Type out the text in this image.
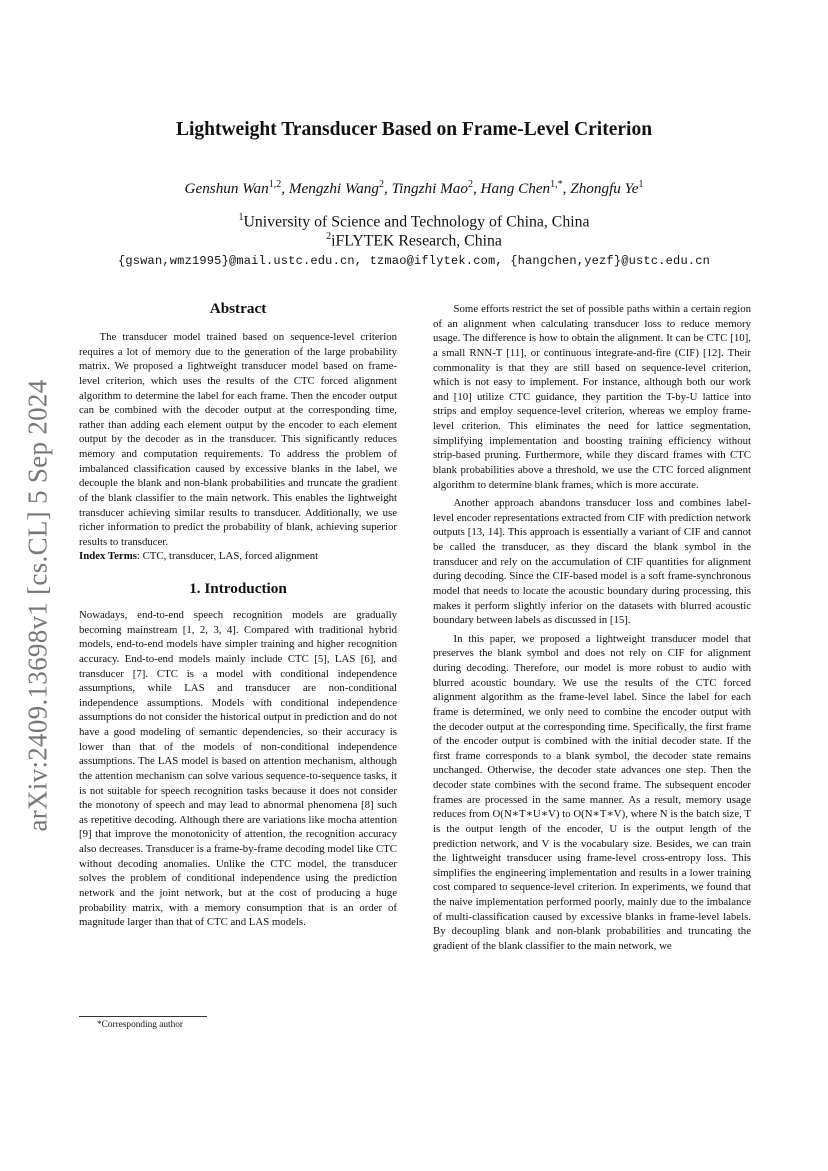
arXiv:2409.13698v1 [cs.CL] 5 Sep 2024
Lightweight Transducer Based on Frame-Level Criterion
Genshun Wan$^{1,2}$, Mengzhi Wang$^2$, Tingzhi Mao$^2$, Hang Chen$^{1,*}$, Zhongfu Ye$^1$
$^1$University of Science and Technology of China, China
$^2$iFLYTEK Research, China
{gswan,wmz1995}@mail.ustc.edu.cn, tzmao@iflytek.com, {hangchen,yezf}@ustc.edu.cn
Abstract

The transducer model trained based on sequence-level criterion requires a lot of memory due to the generation of the large probability matrix. We proposed a lightweight transducer model based on frame-level criterion, which uses the results of the CTC forced alignment algorithm to determine the label for each frame. Then the encoder output can be combined with the decoder output at the corresponding time, rather than adding each element output by the encoder to each element output by the decoder as in the transducer. This significantly reduces memory and computation requirements. To address the problem of imbalanced classification caused by excessive blanks in the label, we decouple the blank and non-blank probabilities and truncate the gradient of the blank classifier to the main network. This enables the lightweight transducer achieving similar results to transducer. Additionally, we use richer information to predict the probability of blank, achieving superior results to transducer.

Index Terms: CTC, transducer, LAS, forced alignment

1. Introduction

Nowadays, end-to-end speech recognition models are gradually becoming mainstream [1, 2, 3, 4]. Compared with traditional hybrid models, end-to-end models have simpler training and higher recognition accuracy. End-to-end models mainly include CTC [5], LAS [6], and transducer [7]. CTC is a model with conditional independence assumptions, while LAS and transducer are non-conditional independence assumptions. Models with conditional independence assumptions do not consider the historical output in prediction and do not have a good modeling of semantic dependencies, so their accuracy is lower than that of the models of non-conditional independence assumptions. The LAS model is based on attention mechanism, although the attention mechanism can solve various sequence-to-sequence tasks, it is not suitable for speech recognition tasks because it does not consider the monotony of speech and may lead to abnormal phenomena [8] such as repetitive decoding. Although there are variations like mocha attention [9] that improve the monotonicity of attention, the recognition accuracy also decreases. Transducer is a frame-by-frame decoding model like CTC without decoding anomalies. Unlike the CTC model, the transducer solves the problem of conditional independence using the prediction network and the joint network, but at the cost of producing a huge probability matrix, with a memory consumption that is an order of magnitude larger than that of CTC and LAS models.

Some efforts restrict the set of possible paths within a certain region of an alignment when calculating transducer loss to reduce memory usage. The difference is how to obtain the alignment. It can be CTC [10], a small RNN-T [11], or continuous integrate-and-fire (CIF) [12]. Their commonality is that they are still based on sequence-level criterion, which is not easy to implement. For instance, although both our work and [10] utilize CTC guidance, they partition the T-by-U lattice into strips and employ sequence-level criterion, whereas we employ frame-level criterion. This eliminates the need for lattice segmentation, simplifying implementation and boosting training efficiency without strip-based pruning. Furthermore, while they discard frames with CTC blank probabilities above a threshold, we use the CTC forced alignment algorithm to determine blank frames, which is more accurate.

Another approach abandons transducer loss and combines label-level encoder representations extracted from CIF with prediction network outputs [13, 14]. This approach is essentially a variant of CIF and cannot be called the transducer, as they discard the blank symbol in the transducer and rely on the accumulation of CIF quantities for alignment during decoding. Since the CIF-based model is a soft frame-synchronous model that needs to locate the acoustic boundary during processing, this makes it perform slightly inferior on the datasets with blurred acoustic boundary between labels as discussed in [15].

In this paper, we proposed a lightweight transducer model that preserves the blank symbol and does not rely on CIF for alignment during decoding. Therefore, our model is more robust to audio with blurred acoustic boundary. We use the results of the CTC forced alignment algorithm as the frame-level label. Since the label for each frame is determined, we only need to combine the encoder output with the decoder output at the corresponding time. Specifically, the first frame of the encoder output is combined with the initial decoder state. If the first frame corresponds to a blank symbol, the decoder state remains unchanged. Otherwise, the decoder state advances one step. Then the decoder state combines with the second frame. The subsequent encoder frames are processed in the same manner. As a result, memory usage reduces from O(N∗T∗U∗V) to O(N∗T∗V), where N is the batch size, T is the output length of the encoder, U is the output length of the prediction network, and V is the vocabulary size. Besides, we can train the lightweight transducer using frame-level cross-entropy loss. This simplifies the engineering implementation and results in a lower training cost compared to sequence-level criterion. In experiments, we found that the naive implementation performed poorly, mainly due to the imbalance of multi-classification caused by excessive blanks in frame-level labels. By decoupling blank and non-blank probabilities and truncating the gradient of the blank classifier to the main network, we

*Corresponding author
